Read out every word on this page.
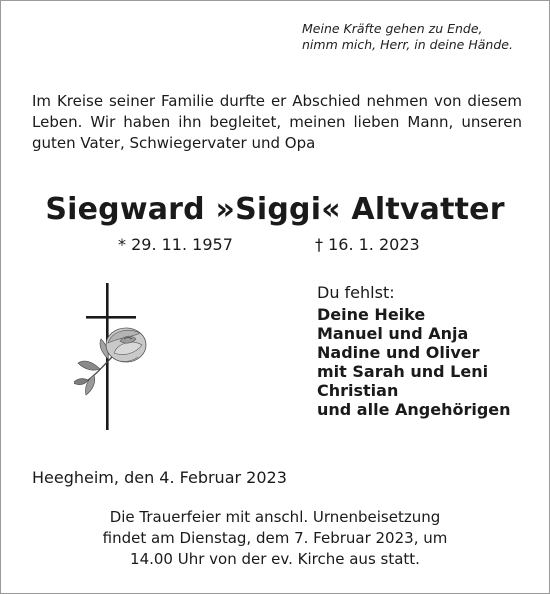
Meine Kräfte gehen zu Ende,
nimm mich, Herr, in deine Hände.
Im Kreise seiner Familie durfte er Abschied nehmen von diesem Leben. Wir haben ihn begleitet, meinen lieben Mann, unseren guten Vater, Schwiegervater und Opa
Siegward »Siggi« Altvatter
* 29. 11. 1957	† 16. 1. 2023
Du fehlst:
Deine Heike
Manuel und Anja
Nadine und Oliver
mit Sarah und Leni
Christian
und alle Angehörigen
Heegheim, den 4. Februar 2023
Die Trauerfeier mit anschl. Urnenbeisetzung
findet am Dienstag, dem 7. Februar 2023, um
14.00 Uhr von der ev. Kirche aus statt.
